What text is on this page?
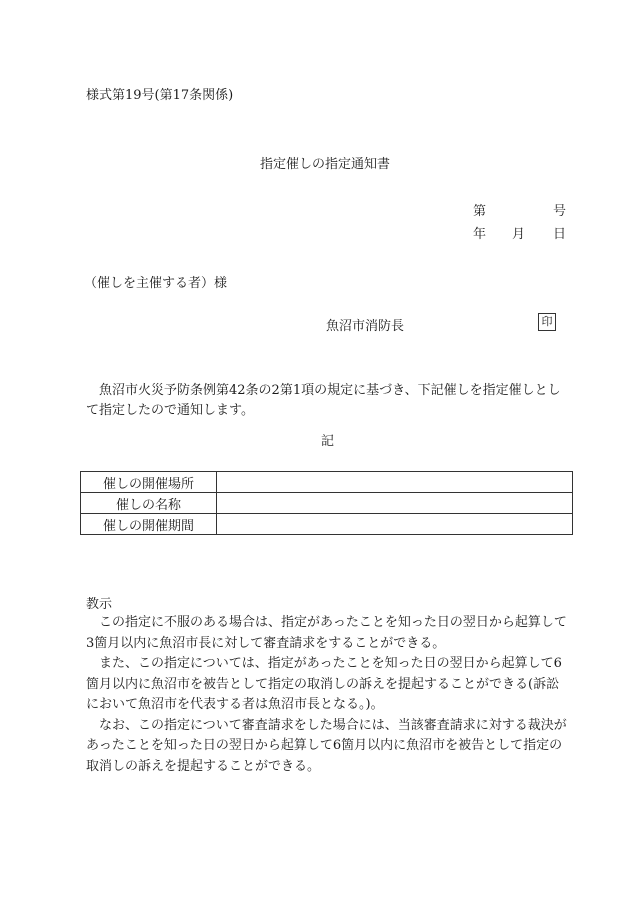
様式第19号(第17条関係)
指定催しの指定通知書
第	号
年 月 日
（催しを主催する者）様
魚沼市消防長	印
魚沼市火災予防条例第42条の2第1項の規定に基づき、下記催しを指定催しとして指定したので通知します。
記
催しの開催場所	
催しの名称	
催しの開催期間	
教示

この指定に不服のある場合は、指定があったことを知った日の翌日から起算して3箇月以内に魚沼市長に対して審査請求をすることができる。

また、この指定については、指定があったことを知った日の翌日から起算して6箇月以内に魚沼市を被告として指定の取消しの訴えを提起することができる(訴訟において魚沼市を代表する者は魚沼市長となる。)。

なお、この指定について審査請求をした場合には、当該審査請求に対する裁決があったことを知った日の翌日から起算して6箇月以内に魚沼市を被告として指定の取消しの訴えを提起することができる。
